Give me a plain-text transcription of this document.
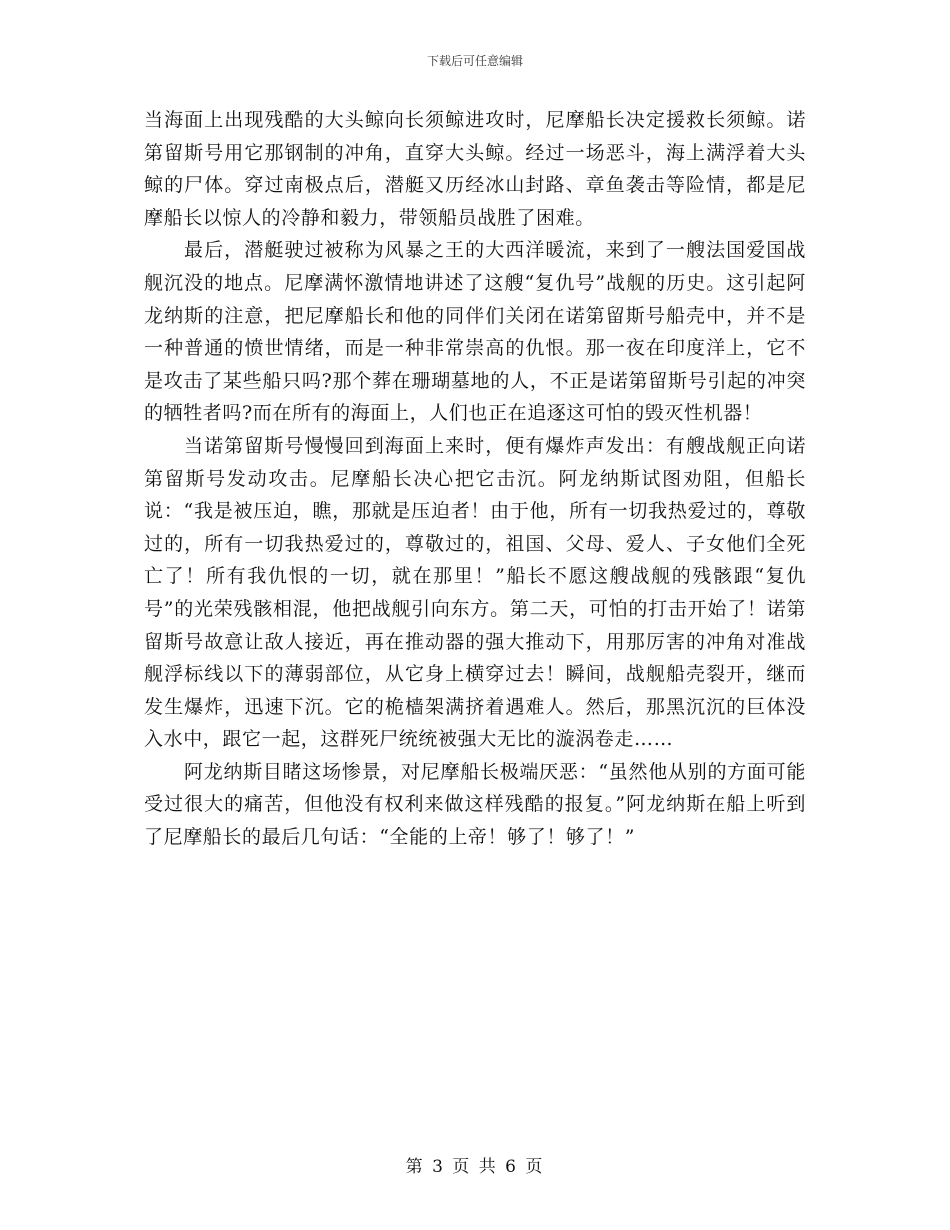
下载后可任意编辑

当海面上出现残酷的大头鲸向长须鲸进攻时，尼摩船长决定援救长须鲸。诺第留斯号用它那钢制的冲角，直穿大头鲸。经过一场恶斗，海上满浮着大头鲸的尸体。穿过南极点后，潜艇又历经冰山封路、章鱼袭击等险情，都是尼摩船长以惊人的冷静和毅力，带领船员战胜了困难。

最后，潜艇驶过被称为风暴之王的大西洋暖流，来到了一艘法国爱国战舰沉没的地点。尼摩满怀激情地讲述了这艘“复仇号”战舰的历史。这引起阿龙纳斯的注意，把尼摩船长和他的同伴们关闭在诺第留斯号船壳中，并不是一种普通的愤世情绪，而是一种非常崇高的仇恨。那一夜在印度洋上，它不是攻击了某些船只吗?那个葬在珊瑚墓地的人，不正是诺第留斯号引起的冲突的牺牲者吗?而在所有的海面上，人们也正在追逐这可怕的毁灭性机器！

当诺第留斯号慢慢回到海面上来时，便有爆炸声发出：有艘战舰正向诺第留斯号发动攻击。尼摩船长决心把它击沉。阿龙纳斯试图劝阻，但船长说：“我是被压迫，瞧，那就是压迫者！由于他，所有一切我热爱过的，尊敬过的，所有一切我热爱过的，尊敬过的，祖国、父母、爱人、子女他们全死亡了！所有我仇恨的一切，就在那里！”船长不愿这艘战舰的残骸跟“复仇号”的光荣残骸相混，他把战舰引向东方。第二天，可怕的打击开始了！诺第留斯号故意让敌人接近，再在推动器的强大推动下，用那厉害的冲角对准战舰浮标线以下的薄弱部位，从它身上横穿过去！瞬间，战舰船壳裂开，继而发生爆炸，迅速下沉。它的桅樯架满挤着遇难人。然后，那黑沉沉的巨体没入水中，跟它一起，这群死尸统统被强大无比的漩涡卷走……

阿龙纳斯目睹这场惨景，对尼摩船长极端厌恶：“虽然他从别的方面可能受过很大的痛苦，但他没有权利来做这样残酷的报复。”阿龙纳斯在船上听到了尼摩船长的最后几句话：“全能的上帝！够了！够了！”

第 3 页 共 6 页
